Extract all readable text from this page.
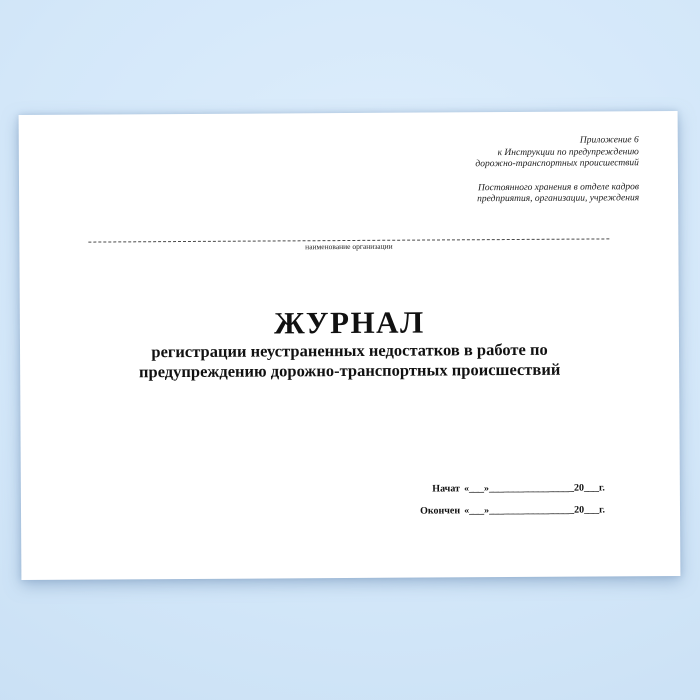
Приложение 6
к Инструкции по предупреждению
дорожно-транспортных происшествий
Постоянного хранения в отделе кадров
предприятия, организации, учреждения
наименование организации
ЖУРНАЛ
регистрации неустраненных недостатков в работе по
предупреждению дорожно-транспортных происшествий
Начат «___»_________________20___г.
Окончен «___»_________________20___г.
